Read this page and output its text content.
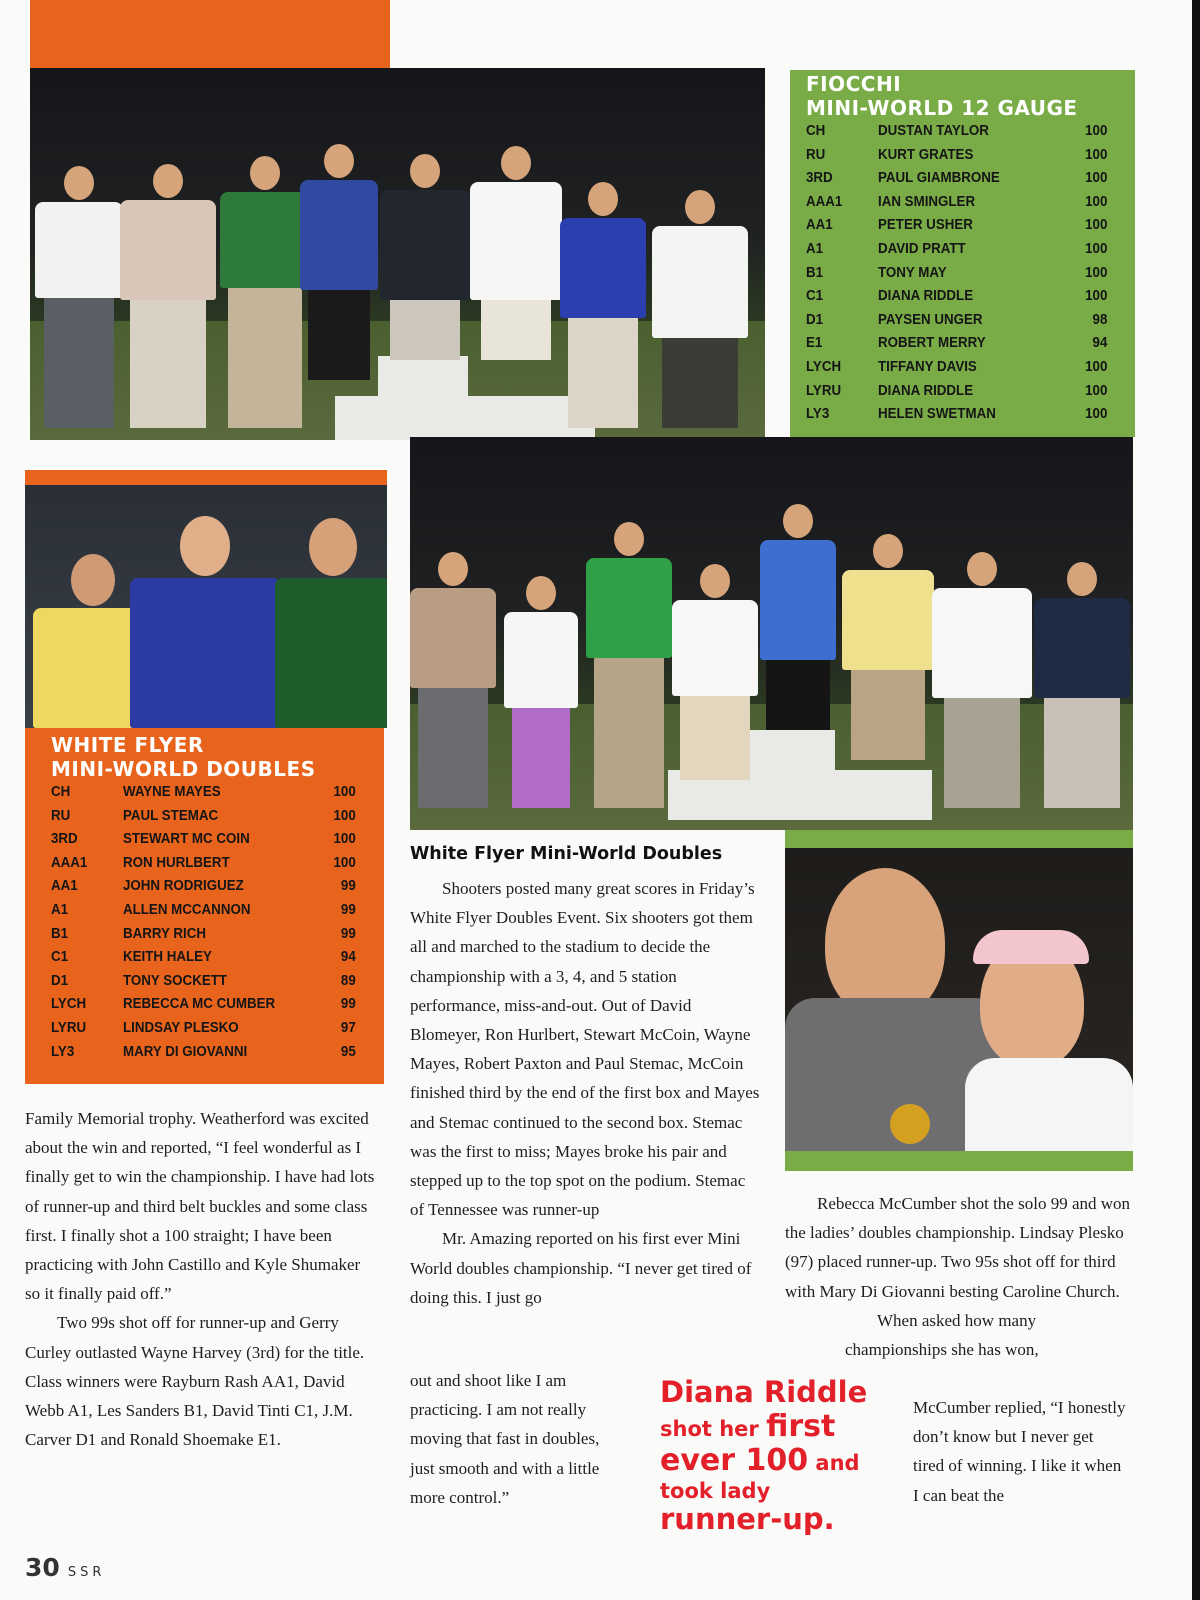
FIOCCHI
MINI-WORLD 12 GAUGE
CH	DUSTAN TAYLOR	100
RU	KURT GRATES	100
3RD	PAUL GIAMBRONE	100
AAA1	IAN SMINGLER	100
AA1	PETER USHER	100
A1	DAVID PRATT	100
B1	TONY MAY	100
C1	DIANA RIDDLE	100
D1	PAYSEN UNGER	98
E1	ROBERT MERRY	94
LYCH	TIFFANY DAVIS	100
LYRU	DIANA RIDDLE	100
LY3	HELEN SWETMAN	100
WHITE FLYER
MINI-WORLD DOUBLES
CH	WAYNE MAYES	100
RU	PAUL STEMAC	100
3RD	STEWART MC COIN	100
AAA1	RON HURLBERT	100
AA1	JOHN RODRIGUEZ	99
A1	ALLEN MCCANNON	99
B1	BARRY RICH	99
C1	KEITH HALEY	94
D1	TONY SOCKETT	89
LYCH	REBECCA MC CUMBER	99
LYRU	LINDSAY PLESKO	97
LY3	MARY DI GIOVANNI	95
White Flyer Mini-World Doubles

Family Memorial trophy. Weatherford was excited about the win and reported, “I feel wonderful as I finally get to win the championship. I have had lots of runner-up and third belt buckles and some class first. I finally shot a 100 straight; I have been practicing with John Castillo and Kyle Shumaker so it finally paid off.”

Two 99s shot off for runner-up and Gerry Curley outlasted Wayne Harvey (3rd) for the title. Class winners were Rayburn Rash AA1, David Webb A1, Les Sanders B1, David Tinti C1, J.M. Carver D1 and Ronald Shoemake E1.

Shooters posted many great scores in Friday’s White Flyer Doubles Event. Six shooters got them all and marched to the stadium to decide the championship with a 3, 4, and 5 station performance, miss-and-out. Out of David Blomeyer, Ron Hurlbert, Stewart McCoin, Wayne Mayes, Robert Paxton and Paul Stemac, McCoin finished third by the end of the first box and Mayes and Stemac continued to the second box. Stemac was the first to miss; Mayes broke his pair and stepped up to the top spot on the podium. Stemac of Tennessee was runner-up

Mr. Amazing reported on his first ever Mini World doubles championship. “I never get tired of doing this. I just go

out and shoot like I am practicing. I am not really moving that fast in doubles, just smooth and with a little more control.”

Diana Riddle
shot her first
ever 100 and
took lady
runner-up.

Rebecca McCumber shot the solo 99 and won the ladies’ doubles championship. Lindsay Plesko (97) placed runner-up. Two 95s shot off for third with Mary Di Giovanni besting Caroline Church.

When asked how many championships she has won,

McCumber replied, “I honestly don’t know but I never get tired of winning. I like it when I can beat the

30 SSR
